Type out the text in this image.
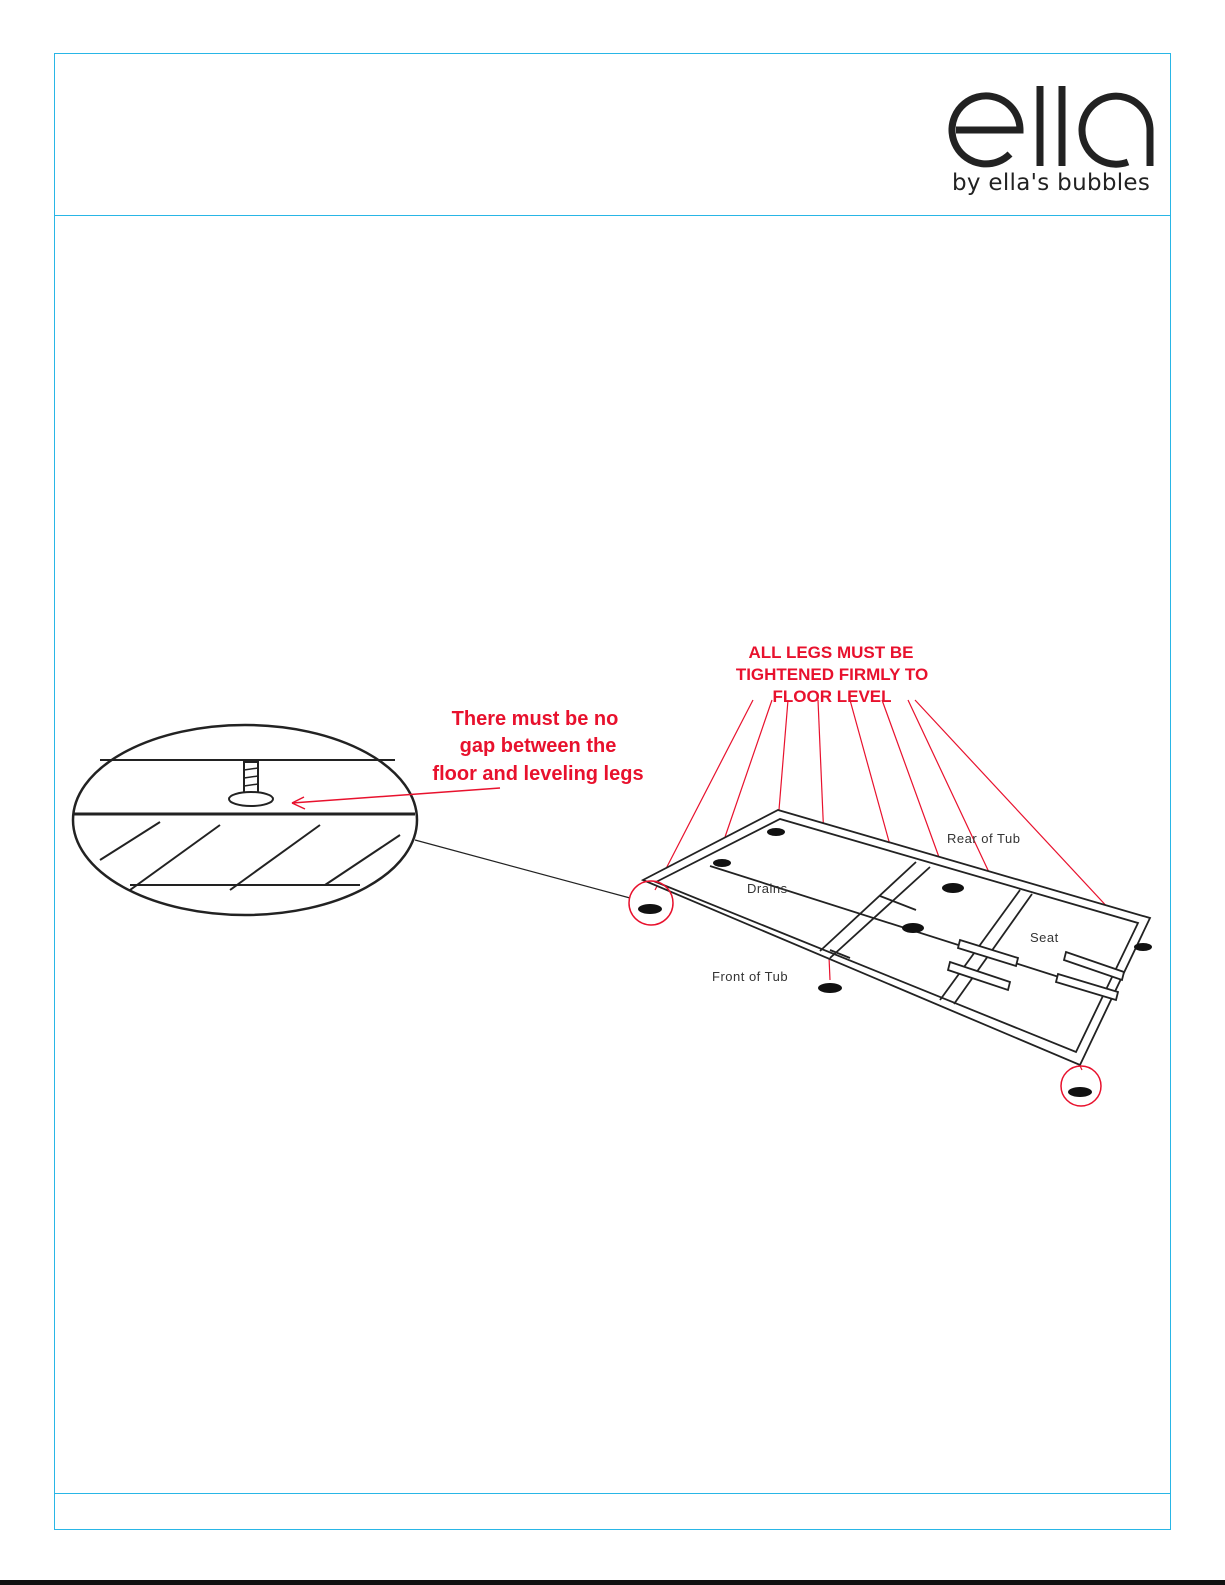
by ella's bubbles
There must be no
gap between the
floor and leveling legs
ALL LEGS MUST BE
TIGHTENED FIRMLY TO
FLOOR LEVEL
Rear of Tub
Drains
Seat
Front of Tub
